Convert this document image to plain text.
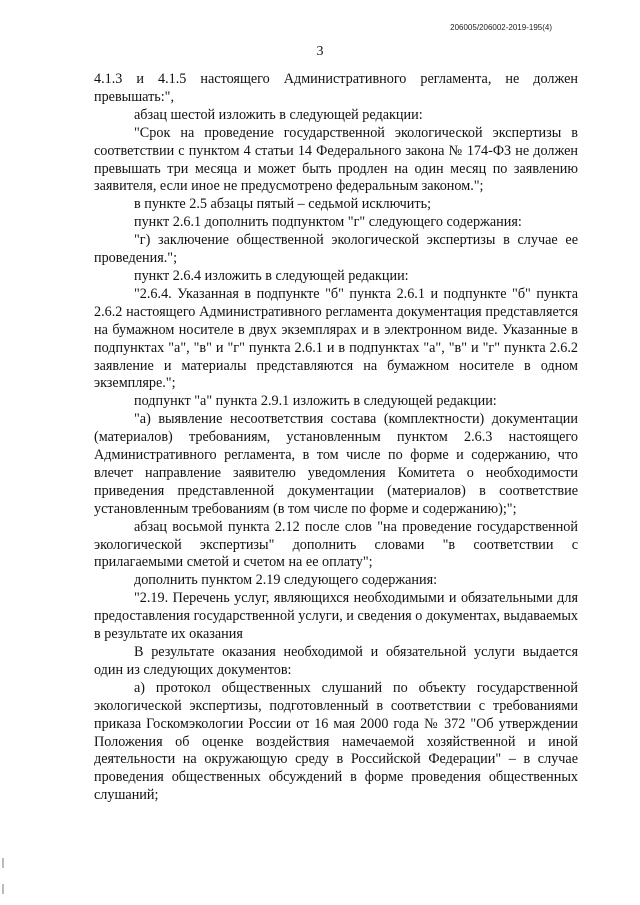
206005/206002-2019-195(4)
3

4.1.3 и 4.1.5 настоящего Административного регламента, не должен превышать:",

абзац шестой изложить в следующей редакции:

"Срок на проведение государственной экологической экспертизы в соответствии с пунктом 4 статьи 14 Федерального закона № 174-ФЗ не должен превышать три месяца и может быть продлен на один месяц по заявлению заявителя, если иное не предусмотрено федеральным законом.";

в пункте 2.5 абзацы пятый – седьмой исключить;

пункт 2.6.1 дополнить подпунктом "г" следующего содержания:

"г) заключение общественной экологической экспертизы в случае ее проведения.";

пункт 2.6.4 изложить в следующей редакции:

"2.6.4. Указанная в подпункте "б" пункта 2.6.1 и подпункте "б" пункта 2.6.2 настоящего Административного регламента документация представляется на бумажном носителе в двух экземплярах и в электронном виде. Указанные в подпунктах "а", "в" и "г" пункта 2.6.1 и в подпунктах "а", "в" и "г" пункта 2.6.2 заявление и материалы представляются на бумажном носителе в одном экземпляре.";

подпункт "а" пункта 2.9.1 изложить в следующей редакции:

"а) выявление несоответствия состава (комплектности) документации (материалов) требованиям, установленным пунктом 2.6.3 настоящего Административного регламента, в том числе по форме и содержанию, что влечет направление заявителю уведомления Комитета о необходимости приведения представленной документации (материалов) в соответствие установленным требованиям (в том числе по форме и содержанию);";

абзац восьмой пункта 2.12 после слов "на проведение государственной экологической экспертизы" дополнить словами "в соответствии с прилагаемыми сметой и счетом на ее оплату";

дополнить пунктом 2.19 следующего содержания:

"2.19. Перечень услуг, являющихся необходимыми и обязательными для предоставления государственной услуги, и сведения о документах, выдаваемых в результате их оказания

В результате оказания необходимой и обязательной услуги выдается один из следующих документов:

а) протокол общественных слушаний по объекту государственной экологической экспертизы, подготовленный в соответствии с требованиями приказа Госкомэкологии России от 16 мая 2000 года № 372 "Об утверждении Положения об оценке воздействия намечаемой хозяйственной и иной деятельности на окружающую среду в Российской Федерации" – в случае проведения общественных обсуждений в форме проведения общественных слушаний;
